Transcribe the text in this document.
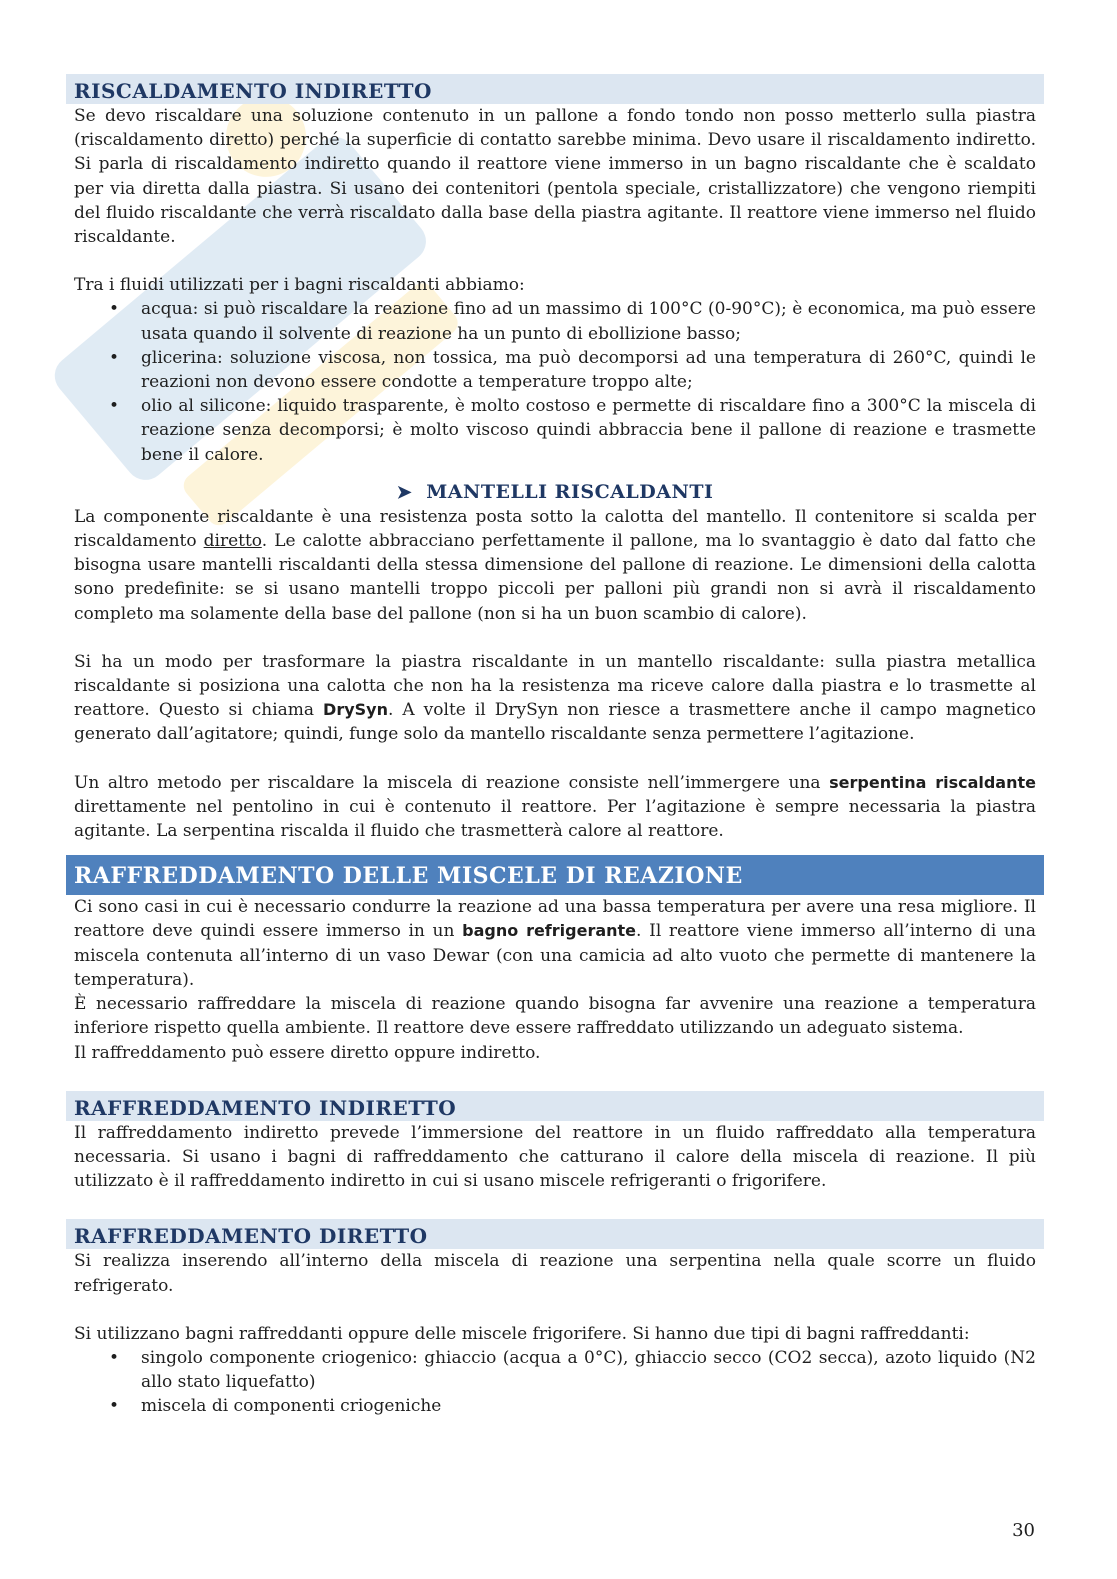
RISCALDAMENTO INDIRETTO

Se devo riscaldare una soluzione contenuto in un pallone a fondo tondo non posso metterlo sulla piastra (riscaldamento diretto) perché la superficie di contatto sarebbe minima. Devo usare il riscaldamento indiretto. Si parla di riscaldamento indiretto quando il reattore viene immerso in un bagno riscaldante che è scaldato per via diretta dalla piastra. Si usano dei contenitori (pentola speciale, cristallizzatore) che vengono riempiti del fluido riscaldante che verrà riscaldato dalla base della piastra agitante. Il reattore viene immerso nel fluido riscaldante.

Tra i fluidi utilizzati per i bagni riscaldanti abbiamo:

• acqua: si può riscaldare la reazione fino ad un massimo di 100°C (0-90°C); è economica, ma può essere usata quando il solvente di reazione ha un punto di ebollizione basso;
• glicerina: soluzione viscosa, non tossica, ma può decomporsi ad una temperatura di 260°C, quindi le reazioni non devono essere condotte a temperature troppo alte;
• olio al silicone: liquido trasparente, è molto costoso e permette di riscaldare fino a 300°C la miscela di reazione senza decomporsi; è molto viscoso quindi abbraccia bene il pallone di reazione e trasmette bene il calore.
➤ MANTELLI RISCALDANTI

La componente riscaldante è una resistenza posta sotto la calotta del mantello. Il contenitore si scalda per riscaldamento diretto. Le calotte abbracciano perfettamente il pallone, ma lo svantaggio è dato dal fatto che bisogna usare mantelli riscaldanti della stessa dimensione del pallone di reazione. Le dimensioni della calotta sono predefinite: se si usano mantelli troppo piccoli per palloni più grandi non si avrà il riscaldamento completo ma solamente della base del pallone (non si ha un buon scambio di calore).

Si ha un modo per trasformare la piastra riscaldante in un mantello riscaldante: sulla piastra metallica riscaldante si posiziona una calotta che non ha la resistenza ma riceve calore dalla piastra e lo trasmette al reattore. Questo si chiama DrySyn. A volte il DrySyn non riesce a trasmettere anche il campo magnetico generato dall’agitatore; quindi, funge solo da mantello riscaldante senza permettere l’agitazione.

Un altro metodo per riscaldare la miscela di reazione consiste nell’immergere una serpentina riscaldante direttamente nel pentolino in cui è contenuto il reattore. Per l’agitazione è sempre necessaria la piastra agitante. La serpentina riscalda il fluido che trasmetterà calore al reattore.

RAFFREDDAMENTO DELLE MISCELE DI REAZIONE

Ci sono casi in cui è necessario condurre la reazione ad una bassa temperatura per avere una resa migliore. Il reattore deve quindi essere immerso in un bagno refrigerante. Il reattore viene immerso all’interno di una miscela contenuta all’interno di un vaso Dewar (con una camicia ad alto vuoto che permette di mantenere la temperatura).

È necessario raffreddare la miscela di reazione quando bisogna far avvenire una reazione a temperatura inferiore rispetto quella ambiente. Il reattore deve essere raffreddato utilizzando un adeguato sistema.

Il raffreddamento può essere diretto oppure indiretto.

RAFFREDDAMENTO INDIRETTO

Il raffreddamento indiretto prevede l’immersione del reattore in un fluido raffreddato alla temperatura necessaria. Si usano i bagni di raffreddamento che catturano il calore della miscela di reazione. Il più utilizzato è il raffreddamento indiretto in cui si usano miscele refrigeranti o frigorifere.

RAFFREDDAMENTO DIRETTO

Si realizza inserendo all’interno della miscela di reazione una serpentina nella quale scorre un fluido refrigerato.

Si utilizzano bagni raffreddanti oppure delle miscele frigorifere. Si hanno due tipi di bagni raffreddanti:

• singolo componente criogenico: ghiaccio (acqua a 0°C), ghiaccio secco (CO2 secca), azoto liquido (N2 allo stato liquefatto)
• miscela di componenti criogeniche
30
